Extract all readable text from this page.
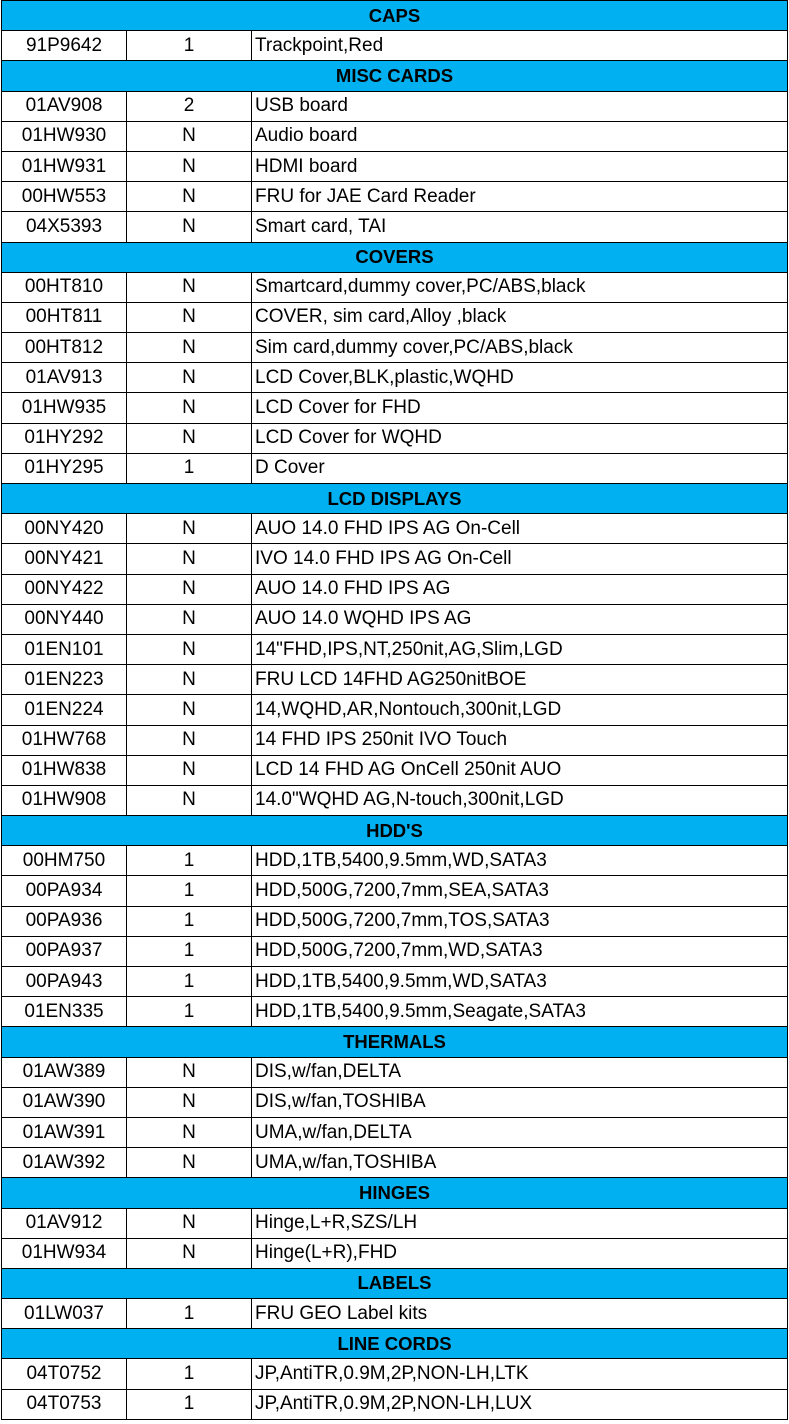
CAPS		
91P9642	1	Trackpoint,Red
MISC CARDS		
01AV908	2	USB board
01HW930	N	Audio board
01HW931	N	HDMI board
00HW553	N	FRU for JAE Card Reader
04X5393	N	Smart card, TAI
COVERS		
00HT810	N	Smartcard,dummy cover,PC/ABS,black
00HT811	N	COVER, sim card,Alloy ,black
00HT812	N	Sim card,dummy cover,PC/ABS,black
01AV913	N	LCD Cover,BLK,plastic,WQHD
01HW935	N	LCD Cover for FHD
01HY292	N	LCD Cover for WQHD
01HY295	1	D Cover
LCD DISPLAYS		
00NY420	N	AUO 14.0 FHD IPS AG On-Cell
00NY421	N	IVO 14.0 FHD IPS AG On-Cell
00NY422	N	AUO 14.0 FHD IPS AG
00NY440	N	AUO 14.0 WQHD IPS AG
01EN101	N	14"FHD,IPS,NT,250nit,AG,Slim,LGD
01EN223	N	FRU LCD 14FHD AG250nitBOE
01EN224	N	14,WQHD,AR,Nontouch,300nit,LGD
01HW768	N	14 FHD IPS 250nit IVO Touch
01HW838	N	LCD 14 FHD AG OnCell 250nit AUO
01HW908	N	14.0"WQHD AG,N-touch,300nit,LGD
HDD'S		
00HM750	1	HDD,1TB,5400,9.5mm,WD,SATA3
00PA934	1	HDD,500G,7200,7mm,SEA,SATA3
00PA936	1	HDD,500G,7200,7mm,TOS,SATA3
00PA937	1	HDD,500G,7200,7mm,WD,SATA3
00PA943	1	HDD,1TB,5400,9.5mm,WD,SATA3
01EN335	1	HDD,1TB,5400,9.5mm,Seagate,SATA3
THERMALS		
01AW389	N	DIS,w/fan,DELTA
01AW390	N	DIS,w/fan,TOSHIBA
01AW391	N	UMA,w/fan,DELTA
01AW392	N	UMA,w/fan,TOSHIBA
HINGES		
01AV912	N	Hinge,L+R,SZS/LH
01HW934	N	Hinge(L+R),FHD
LABELS		
01LW037	1	FRU GEO Label kits
LINE CORDS		
04T0752	1	JP,AntiTR,0.9M,2P,NON-LH,LTK
04T0753	1	JP,AntiTR,0.9M,2P,NON-LH,LUX
